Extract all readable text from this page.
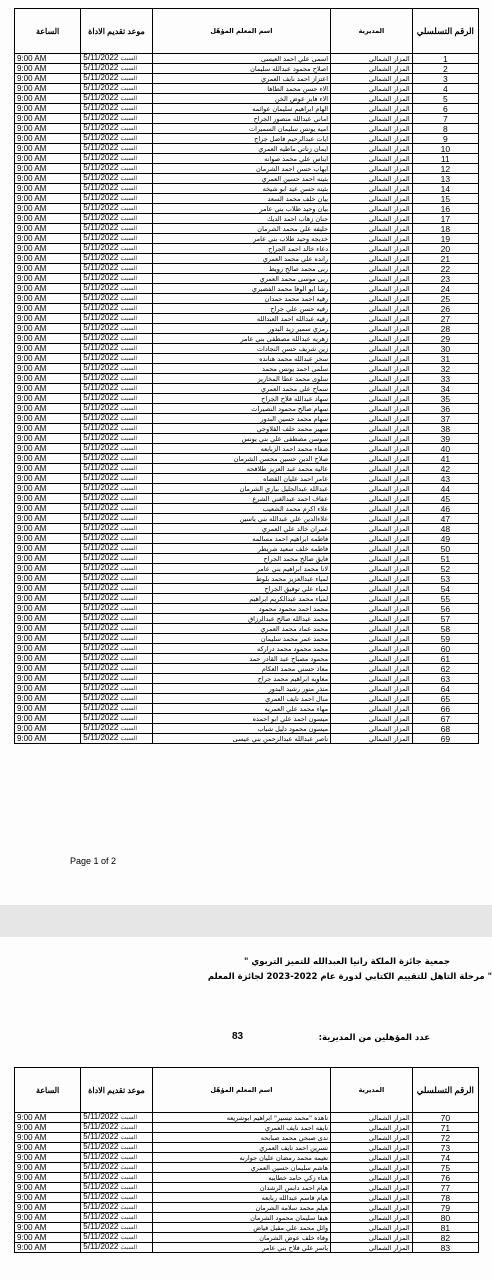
الساعة	موعد تقديم الاداة	اسم المعلم المؤهّل	المديرية	الرقم التسلسلي
9:00 AM	السبت 5/11/2022	اسمى علي احمد العيسى	المزار الشمالي	1
9:00 AM	السبت 5/11/2022	اصلاح محمود عبدالله سليمان	المزار الشمالي	2
9:00 AM	السبت 5/11/2022	اعتزاز احمد نايف العمري	المزار الشمالي	3
9:00 AM	السبت 5/11/2022	الاء حسن محمد الطاها	المزار الشمالي	4
9:00 AM	السبت 5/11/2022	الاء فايز عوض الخن	المزار الشمالي	5
9:00 AM	السبت 5/11/2022	الهام ابراهيم سليمان عوائمه	المزار الشمالي	6
9:00 AM	السبت 5/11/2022	اماني عبدالله منصور الجراح	المزار الشمالي	7
9:00 AM	السبت 5/11/2022	اميه يونس سليمان السميرات	المزار الشمالي	8
9:00 AM	السبت 5/11/2022	ايات عبدالرحيم فاضل جراح	المزار الشمالي	9
9:00 AM	السبت 5/11/2022	ايمان زناتي ماطيه العمري	المزار الشمالي	10
9:00 AM	السبت 5/11/2022	ايناس علي محمد صوانه	المزار الشمالي	11
9:00 AM	السبت 5/11/2022	ايهاب حسن احمد الشرمان	المزار الشمالي	12
9:00 AM	السبت 5/11/2022	بثينه احمد حسين العمري	المزار الشمالي	13
9:00 AM	السبت 5/11/2022	بثينه حسن عيد ابو شيخه	المزار الشمالي	14
9:00 AM	السبت 5/11/2022	بيان خلف محمد السعد	المزار الشمالي	15
9:00 AM	السبت 5/11/2022	بيان وحيد طلاب بني عامر	المزار الشمالي	16
9:00 AM	السبت 5/11/2022	حنان زهاب احمد الديك	المزار الشمالي	17
9:00 AM	السبت 5/11/2022	حليفه علي محمد الشرمان	المزار الشمالي	18
9:00 AM	السبت 5/11/2022	خديجه وحيد طلاب بني عامر	المزار الشمالي	19
9:00 AM	السبت 5/11/2022	دعاء خالد احمد الجراح	المزار الشمالي	20
9:00 AM	السبت 5/11/2022	رانده علي محمد العمري	المزار الشمالي	21
9:00 AM	السبت 5/11/2022	ربى محمد صالح رويط	المزار الشمالي	22
9:00 AM	السبت 5/11/2022	ربى موسى محمد العمري	المزار الشمالي	23
9:00 AM	السبت 5/11/2022	رشا ابو الوفا محمد الفضيري	المزار الشمالي	24
9:00 AM	السبت 5/11/2022	رقيه احمد محمد حمدان	المزار الشمالي	25
9:00 AM	السبت 5/11/2022	رقيه حسن علي جراح	المزار الشمالي	26
9:00 AM	السبت 5/11/2022	رقيه عبدالله احمد العبدالله	المزار الشمالي	27
9:00 AM	السبت 5/11/2022	رمزي سمير زيد البدور	المزار الشمالي	28
9:00 AM	السبت 5/11/2022	زهريه عبدالله مصطفى بني عامر	المزار الشمالي	29
9:00 AM	السبت 5/11/2022	زين شريف حسن النجادات	المزار الشمالي	30
9:00 AM	السبت 5/11/2022	سحر عبدالله محمد هنانده	المزار الشمالي	31
9:00 AM	السبت 5/11/2022	سلمى احمد يونس محمد	المزار الشمالي	32
9:00 AM	السبت 5/11/2022	سلوى محمد عطا المخاريز	المزار الشمالي	33
9:00 AM	السبت 5/11/2022	سماح علي محمد العمري	المزار الشمالي	34
9:00 AM	السبت 5/11/2022	سهاد عبدالله فلاح الجراح	المزار الشمالي	35
9:00 AM	السبت 5/11/2022	سهام صالح محمود النصيرات	المزار الشمالي	36
9:00 AM	السبت 5/11/2022	سهام محمد حسين البدور	المزار الشمالي	37
9:00 AM	السبت 5/11/2022	سهير محمد خلف القلاوجي	المزار الشمالي	38
9:00 AM	السبت 5/11/2022	سوسن مصطفى علي بني يونس	المزار الشمالي	39
9:00 AM	السبت 5/11/2022	صفاء محمد احمد الزبابعه	المزار الشمالي	40
9:00 AM	السبت 5/11/2022	صلاح الدين حسين محسن الشرمان	المزار الشمالي	41
9:00 AM	السبت 5/11/2022	عاليه محمد عبد العزيز طلافحه	المزار الشمالي	42
9:00 AM	السبت 5/11/2022	عامر احمد عليان القضاه	المزار الشمالي	43
9:00 AM	السبت 5/11/2022	عبدالله عبدالجليل بياري الشرمان	المزار الشمالي	44
9:00 AM	السبت 5/11/2022	عفاف احمد عبدالغني الشرع	المزار الشمالي	45
9:00 AM	السبت 5/11/2022	علاء اكرم محمد الشعيب	المزار الشمالي	46
9:00 AM	السبت 5/11/2022	علاءالدين علي عبدالله بني ياسين	المزار الشمالي	47
9:00 AM	السبت 5/11/2022	عمران خالد علي العمري	المزار الشمالي	48
9:00 AM	السبت 5/11/2022	فاطمه ابراهيم احمد مسالمه	المزار الشمالي	49
9:00 AM	السبت 5/11/2022	فاطمه خلف سعيد شريطر	المزار الشمالي	50
9:00 AM	السبت 5/11/2022	فايق صالح محمد الجراح	المزار الشمالي	51
9:00 AM	السبت 5/11/2022	لانا محمد ابراهيم بني عامر	المزار الشمالي	52
9:00 AM	السبت 5/11/2022	لمياء عبدالعزيز محمد بلوط	المزار الشمالي	53
9:00 AM	السبت 5/11/2022	لمياء علي توفيق الجراح	المزار الشمالي	54
9:00 AM	السبت 5/11/2022	لمياء محمد عبدالكريم ابراهيم	المزار الشمالي	55
9:00 AM	السبت 5/11/2022	محمد احمد محمود محمود	المزار الشمالي	56
9:00 AM	السبت 5/11/2022	محمد عبدالله صالح عبدالرزاق	المزار الشمالي	57
9:00 AM	السبت 5/11/2022	محمد عماد محمد العمري	المزار الشمالي	58
9:00 AM	السبت 5/11/2022	محمد عمر محمد سليمان	المزار الشمالي	59
9:00 AM	السبت 5/11/2022	محمد محمود محمد دراركه	المزار الشمالي	60
9:00 AM	السبت 5/11/2022	محمود مصباح عبد القادر حمد	المزار الشمالي	61
9:00 AM	السبت 5/11/2022	معاذ حسني محمد العكام	المزار الشمالي	62
9:00 AM	السبت 5/11/2022	معاويه ابراهيم محمد جراح	المزار الشمالي	63
9:00 AM	السبت 5/11/2022	منذر منور رشيد البدور	المزار الشمالي	64
9:00 AM	السبت 5/11/2022	منال احمد نايف العمري	المزار الشمالي	65
9:00 AM	السبت 5/11/2022	مهاء محمد علي العمريه	المزار الشمالي	66
9:00 AM	السبت 5/11/2022	ميسون احمد علي ابو احمده	المزار الشمالي	67
9:00 AM	السبت 5/11/2022	ميسون محمود دليل شباب	المزار الشمالي	68
9:00 AM	السبت 5/11/2022	ناصر عبدالله عبدالرحمن بني عيسى	المزار الشمالي	69
Page 1 of 2
جمعية جائزة الملكة رانيا العبدالله للتميز التربوي "
" مرحلة التاهل للتقييم الكتابي لدورة عام 2022-2023 لجائزة المعلم
عدد المؤهلين من المديرية:
83
الساعة	موعد تقديم الاداة	اسم المعلم المؤهّل	المديرية	الرقم التسلسلي
9:00 AM	السبت 5/11/2022	ناهده "محمد تيسير" ابراهيم ابوشريعه	المزار الشمالي	70
9:00 AM	السبت 5/11/2022	نايفه احمد نايف العمري	المزار الشمالي	71
9:00 AM	السبت 5/11/2022	ندى صبحي محمد صبابحه	المزار الشمالي	72
9:00 AM	السبت 5/11/2022	نسرين احمد نايف العمري	المزار الشمالي	73
9:00 AM	السبت 5/11/2022	نعيمه محمد رمضان عليان جوارنه	المزار الشمالي	74
9:00 AM	السبت 5/11/2022	هاشم سليمان حسين العمري	المزار الشمالي	75
9:00 AM	السبت 5/11/2022	هناء زكي حامد خطايبه	المزار الشمالي	76
9:00 AM	السبت 5/11/2022	هيام احمد دابس الرشدان	المزار الشمالي	77
9:00 AM	السبت 5/11/2022	هيام قاسم عبدالله ربابعه	المزار الشمالي	78
9:00 AM	السبت 5/11/2022	هيلم محمد سلامه الشرمان	المزار الشمالي	79
9:00 AM	السبت 5/11/2022	هيفا سليمان محمود الشرمان	المزار الشمالي	80
9:00 AM	السبت 5/11/2022	وائل محمد علي مقبل فياض	المزار الشمالي	81
9:00 AM	السبت 5/11/2022	وفاء خلف عوض الشرمان	المزار الشمالي	82
9:00 AM	السبت 5/11/2022	ياسر علي فلاح بني عامر	المزار الشمالي	83
